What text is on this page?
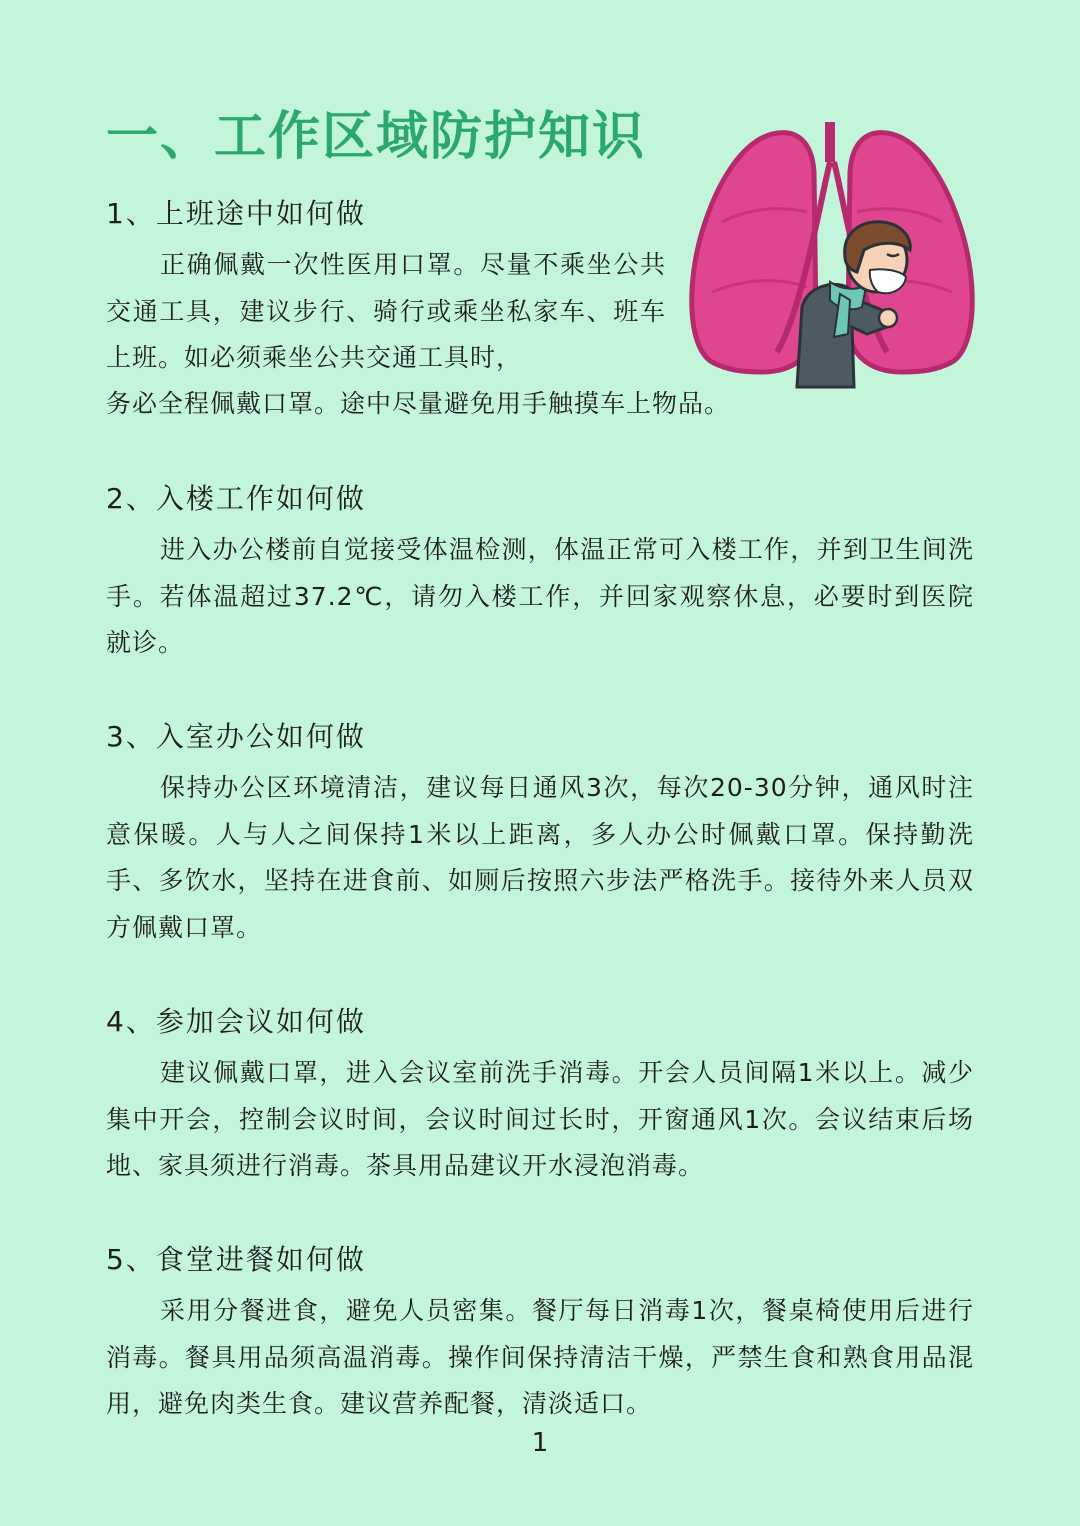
一、工作区域防护知识
1、上班途中如何做

正确佩戴一次性医用口罩。尽量不乘坐公共交通工具，建议步行、骑行或乘坐私家车、班车上班。如必须乘坐公共交通工具时，

务必全程佩戴口罩。途中尽量避免用手触摸车上物品。
2、入楼工作如何做

进入办公楼前自觉接受体温检测，体温正常可入楼工作，并到卫生间洗手。若体温超过37.2℃，请勿入楼工作，并回家观察休息，必要时到医院就诊。

3、入室办公如何做

保持办公区环境清洁，建议每日通风3次，每次20-30分钟，通风时注意保暖。人与人之间保持1米以上距离，多人办公时佩戴口罩。保持勤洗手、多饮水，坚持在进食前、如厕后按照六步法严格洗手。接待外来人员双方佩戴口罩。

4、参加会议如何做

建议佩戴口罩，进入会议室前洗手消毒。开会人员间隔1米以上。减少集中开会，控制会议时间，会议时间过长时，开窗通风1次。会议结束后场地、家具须进行消毒。茶具用品建议开水浸泡消毒。

5、食堂进餐如何做

采用分餐进食，避免人员密集。餐厅每日消毒1次，餐桌椅使用后进行消毒。餐具用品须高温消毒。操作间保持清洁干燥，严禁生食和熟食用品混用，避免肉类生食。建议营养配餐，清淡适口。

1
